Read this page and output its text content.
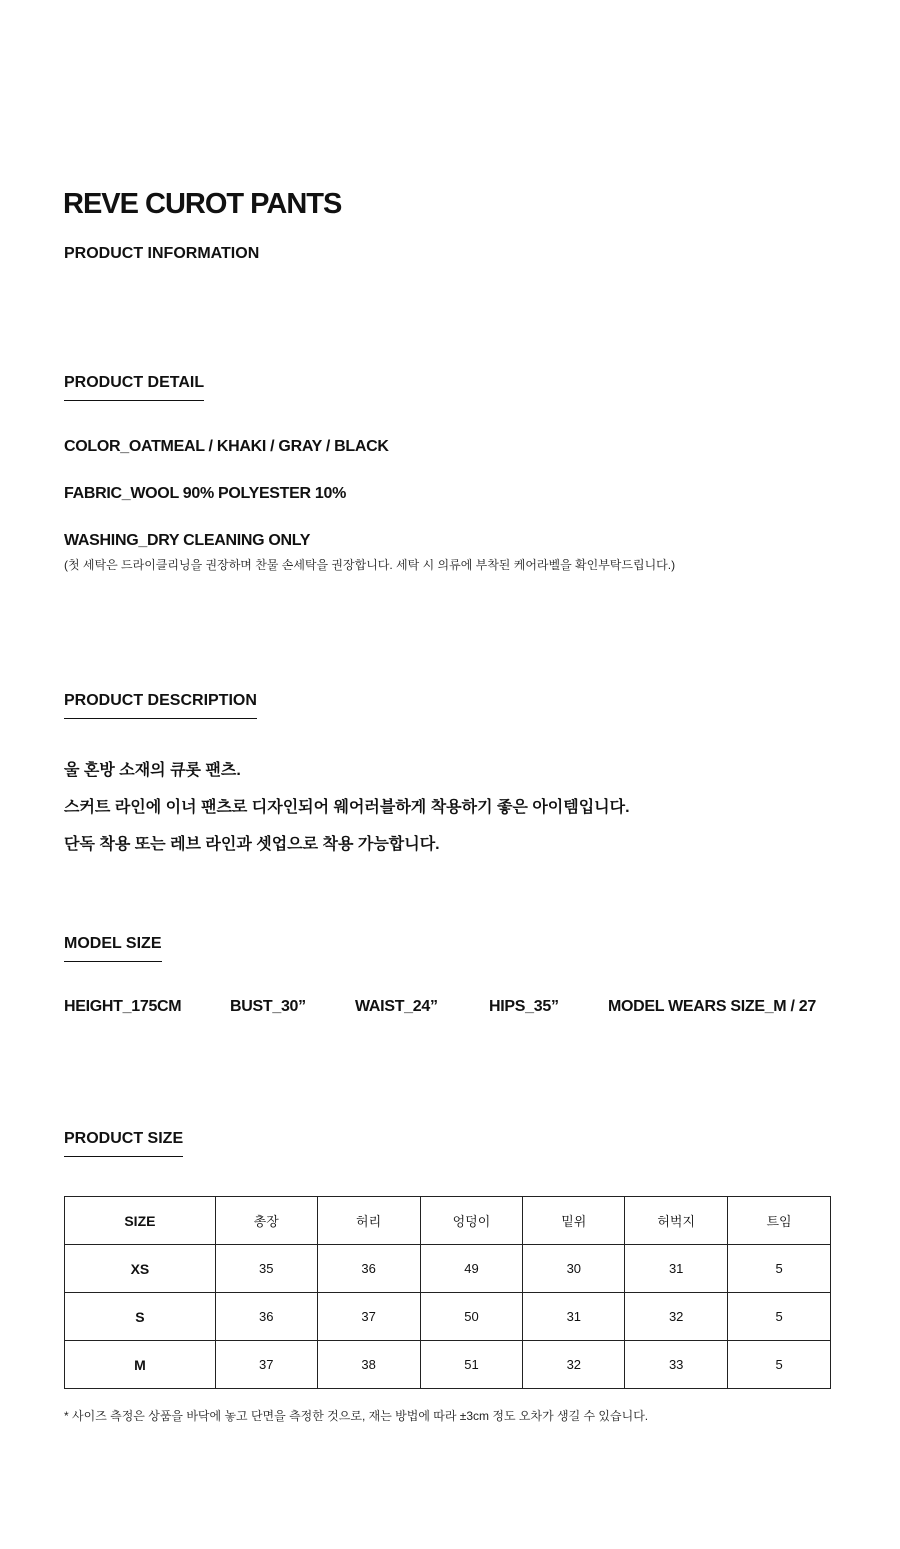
REVE CUROT PANTS
PRODUCT INFORMATION
PRODUCT DETAIL
COLOR_OATMEAL / KHAKI / GRAY / BLACK
FABRIC_WOOL 90% POLYESTER 10%
WASHING_DRY CLEANING ONLY
(첫 세탁은 드라이클리닝을 권장하며 찬물 손세탁을 권장합니다. 세탁 시 의류에 부착된 케어라벨을 확인부탁드립니다.)
PRODUCT DESCRIPTION
울 혼방 소재의 큐롯 팬츠.
스커트 라인에 이너 팬츠로 디자인되어 웨어러블하게 착용하기 좋은 아이템입니다.
단독 착용 또는 레브 라인과 셋업으로 착용 가능합니다.
MODEL SIZE
HEIGHT_175CM	BUST_30”	WAIST_24”	HIPS_35”	MODEL WEARS SIZE_M / 27
PRODUCT SIZE
SIZE	총장	허리	엉덩이	밑위	허벅지	트임
XS	35	36	49	30	31	5
S	36	37	50	31	32	5
M	37	38	51	32	33	5
* 사이즈 측정은 상품을 바닥에 놓고 단면을 측정한 것으로, 재는 방법에 따라 ±3cm 정도 오차가 생길 수 있습니다.
